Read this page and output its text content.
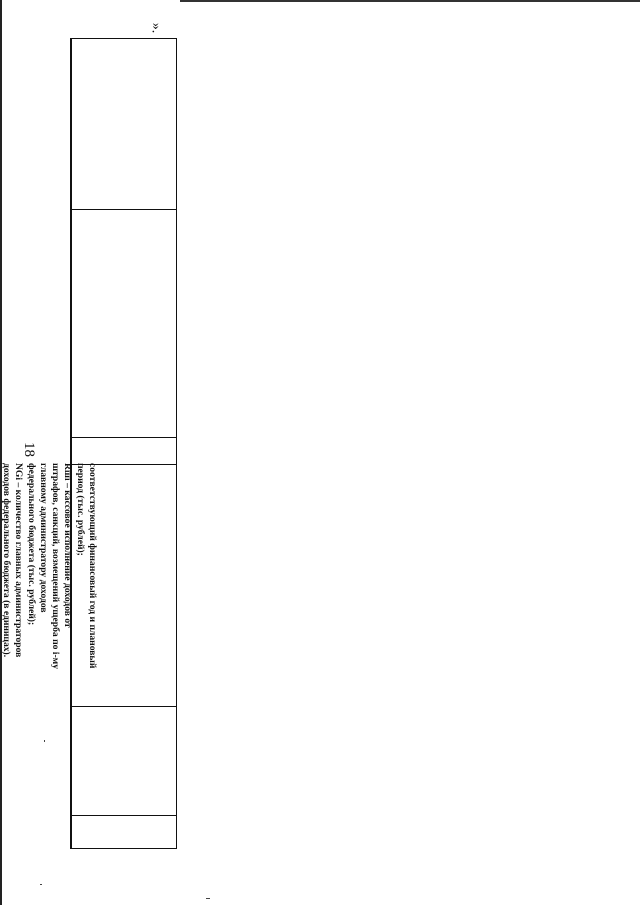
18
».

соответствующий финансовый год и плановый

период (тыс. рублей);

Rшi – кассовое исполнение доходов от

штрафов, санкций, возмещений ущерба по i-му

главному администратору доходов

федерального бюджета (тыс. рублей);

NGi – количество главных администраторов

доходов федерального бюджета (в единицах).
